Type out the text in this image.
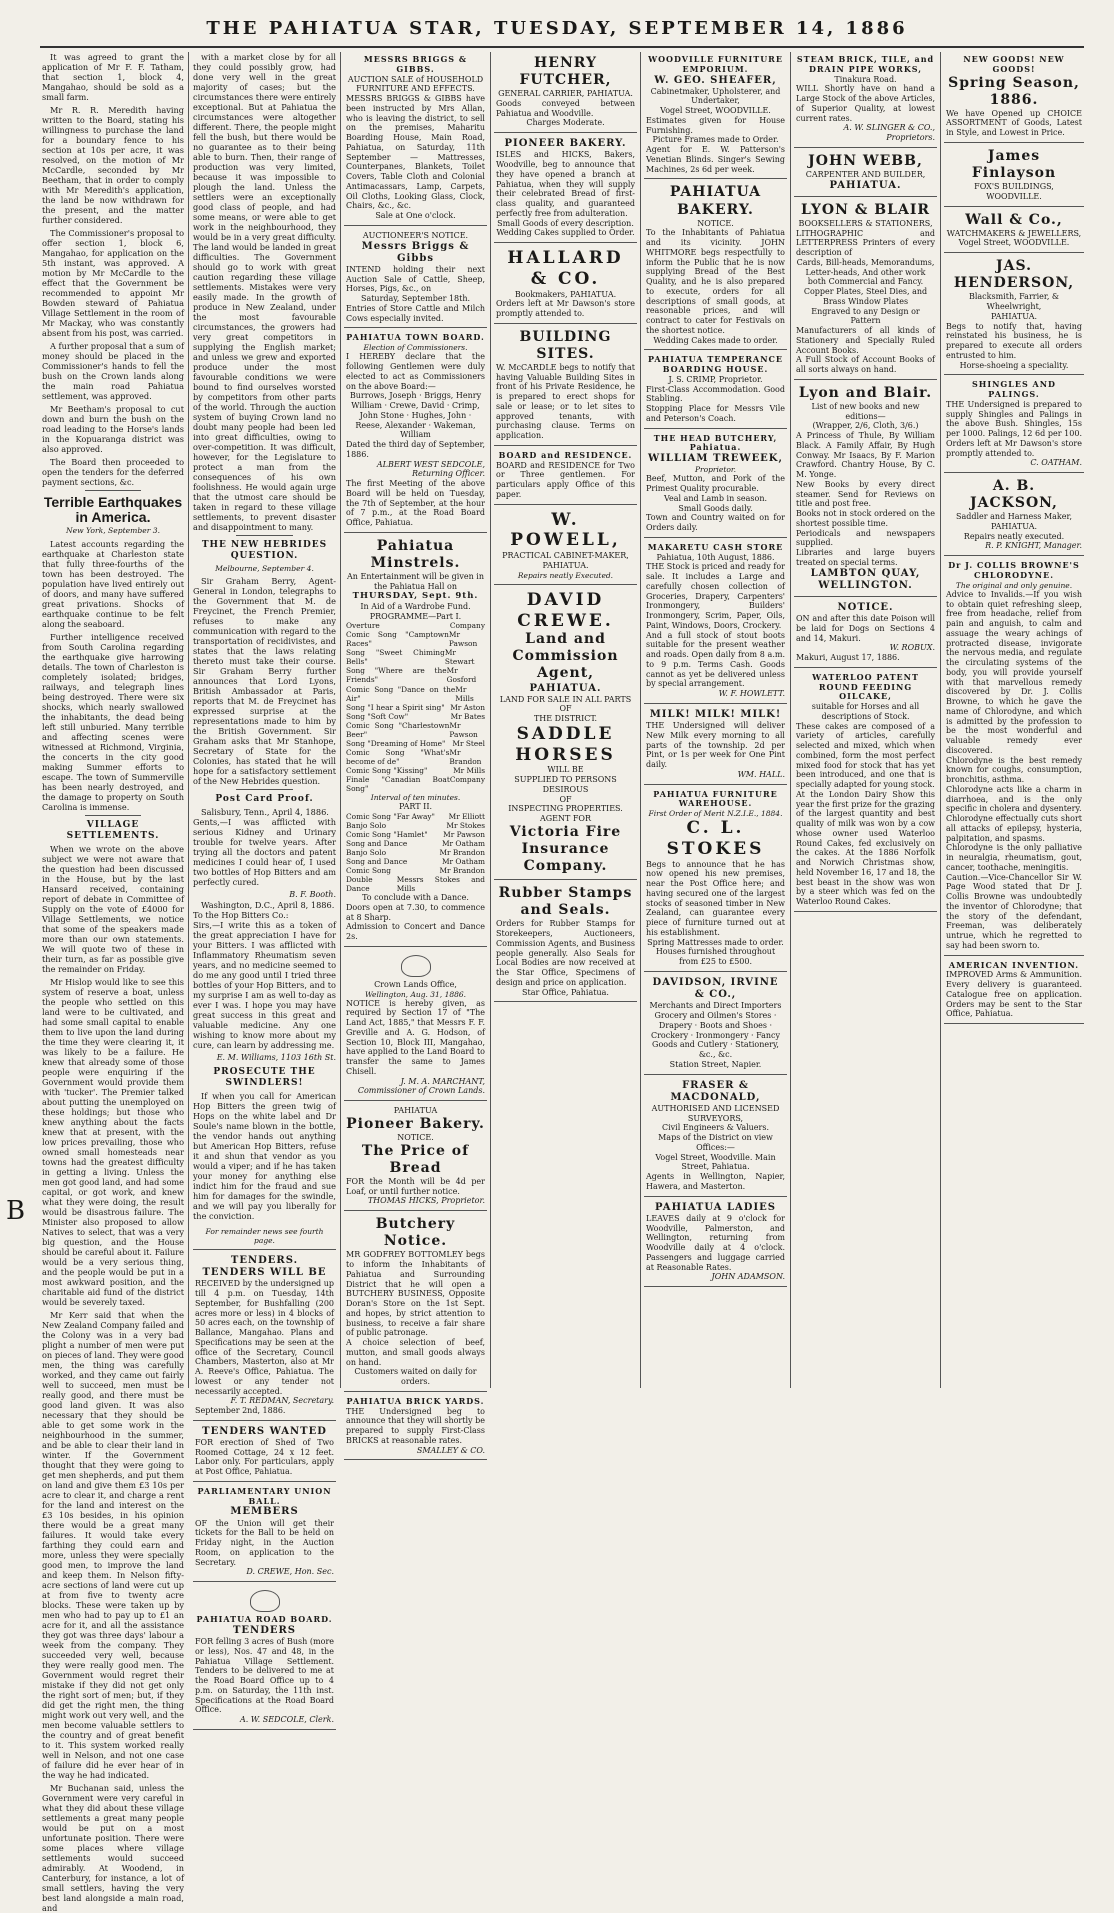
THE PAHIATUA STAR, TUESDAY, SEPTEMBER 14, 1886
B

It was agreed to grant the application of Mr F. F. Tatham, that section 1, block 4, Mangahao, should be sold as a small farm.

Mr R. R. Meredith having written to the Board, stating his willingness to purchase the land for a boundary fence to his section at 10s per acre, it was resolved, on the motion of Mr McCardle, seconded by Mr Beetham, that in order to comply with Mr Meredith's application, the land be now withdrawn for the present, and the matter further considered.

The Commissioner's proposal to offer section 1, block 6, Mangahao, for application on the 5th instant, was approved. A motion by Mr McCardle to the effect that the Government be recommended to appoint Mr Bowden steward of Pahiatua Village Settlement in the room of Mr Mackay, who was constantly absent from his post, was carried.

A further proposal that a sum of money should be placed in the Commissioner's hands to fell the bush on the Crown lands along the main road Pahiatua settlement, was approved.

Mr Beetham's proposal to cut down and burn the bush on the road leading to the Horse's lands in the Kopuaranga district was also approved.

The Board then proceeded to open the tenders for the deferred payment sections, &c.

Terrible Earthquakes in America.

New York, September 3.

Latest accounts regarding the earthquake at Charleston state that fully three-fourths of the town has been destroyed. The population have lived entirely out of doors, and many have suffered great privations. Shocks of earthquake continue to be felt along the seaboard.

Further intelligence received from South Carolina regarding the earthquake give harrowing details. The town of Charleston is completely isolated; bridges, railways, and telegraph lines being destroyed. There were six shocks, which nearly swallowed the inhabitants, the dead being left still unburied. Many terrible and affecting scenes were witnessed at Richmond, Virginia, the concerts in the city good making Summer efforts to escape. The town of Summerville has been nearly destroyed, and the damage to property on South Carolina is immense.

VILLAGE SETTLEMENTS.

When we wrote on the above subject we were not aware that the question had been discussed in the House, but by the last Hansard received, containing report of debate in Committee of Supply on the vote of £4000 for Village Settlements, we notice that some of the speakers made more than our own statements. We will quote two of these in their turn, as far as possible give the remainder on Friday.

Mr Hislop would like to see this system of reserve a boat, unless the people who settled on this land were to be cultivated, and had some small capital to enable them to live upon the land during the time they were clearing it, it was likely to be a failure. He knew that already some of those people were enquiring if the Government would provide them with 'tucker'. The Premier talked about putting the unemployed on these holdings; but those who knew anything about the facts knew that at present, with the low prices prevailing, those who owned small homesteads near towns had the greatest difficulty in getting a living. Unless the men got good land, and had some capital, or got work, and knew what they were doing, the result would be disastrous failure. The Minister also proposed to allow Natives to select, that was a very big question, and the House should be careful about it. Failure would be a very serious thing, and the people would be put in a most awkward position, and the charitable aid fund of the district would be severely taxed.

Mr Kerr said that when the New Zealand Company failed and the Colony was in a very bad plight a number of men were put on pieces of land. They were good men, the thing was carefully worked, and they came out fairly well to succeed, men must be really good, and there must be good land given. It was also necessary that they should be able to get some work in the neighbourhood in the summer, and be able to clear their land in winter. If the Government thought that they were going to get men shepherds, and put them on land and give them £3 10s per acre to clear it, and charge a rent for the land and interest on the £3 10s besides, in his opinion there would be a great many failures. It would take every farthing they could earn and more, unless they were specially good men, to improve the land and keep them. In Nelson fifty-acre sections of land were cut up at from five to twenty acre blocks. These were taken up by men who had to pay up to £1 an acre for it, and all the assistance they got was three days' labour a week from the company. They succeeded very well, because they were really good men. The Government would regret their mistake if they did not get only the right sort of men; but, if they did get the right men, the thing might work out very well, and the men become valuable settlers to the country and of great benefit to it. This system worked really well in Nelson, and not one case of failure did he ever hear of in the way he had indicated.

Mr Buchanan said, unless the Government were very careful in what they did about these village settlements a great many people would be put on a most unfortunate position. There were some places where village settlements would succeed admirably. At Woodend, in Canterbury, for instance, a lot of small settlers, having the very best land alongside a main road, and

with a market close by for all they could possibly grow, had done very well in the great majority of cases; but the circumstances there were entirely exceptional. But at Pahiatua the circumstances were altogether different. There, the people might fell the bush, but there would be no guarantee as to their being able to burn. Then, their range of production was very limited, because it was impossible to plough the land. Unless the settlers were an exceptionally good class of people, and had some means, or were able to get work in the neighbourhood, they would be in a very great difficulty. The land would be landed in great difficulties. The Government should go to work with great caution regarding these village settlements. Mistakes were very easily made. In the growth of produce in New Zealand, under the most favourable circumstances, the growers had very great competitors in supplying the English market; and unless we grew and exported produce under the most favourable conditions we were bound to find ourselves worsted by competitors from other parts of the world. Through the auction system of buying Crown land no doubt many people had been led into great difficulties, owing to over-competition. It was difficult, however, for the Legislature to protect a man from the consequences of his own foolishness. He would again urge that the utmost care should be taken in regard to these village settlements, to prevent disaster and disappointment to many.

THE NEW HEBRIDES QUESTION.

Melbourne, September 4.

Sir Graham Berry, Agent-General in London, telegraphs to the Government that M. de Freycinet, the French Premier, refuses to make any communication with regard to the transportation of recidivistes, and states that the laws relating thereto must take their course. Sir Graham Berry further announces that Lord Lyons, British Ambassador at Paris, reports that M. de Freycinet has expressed surprise at the representations made to him by the British Government. Sir Graham asks that Mr Stanhope, Secretary of State for the Colonies, has stated that he will hope for a satisfactory settlement of the New Hebrides question.

Post Card Proof.

Salisbury, Tenn., April 4, 1886.
Gents,—I was afflicted with serious Kidney and Urinary trouble for twelve years. After trying all the doctors and patent medicines I could hear of, I used two bottles of Hop Bitters and am perfectly cured.

B. F. Booth.

Washington, D.C., April 8, 1886.
To the Hop Bitters Co.:
Sirs,—I write this as a token of the great appreciation I have for your Bitters. I was afflicted with Inflammatory Rheumatism seven years, and no medicine seemed to do me any good until I tried three bottles of your Hop Bitters, and to my surprise I am as well to-day as ever I was. I hope you may have great success in this great and valuable medicine. Any one wishing to know more about my cure, can learn by addressing me.

E. M. Williams, 1103 16th St.
PROSECUTE THE SWINDLERS!

If when you call for American Hop Bitters the green twig of Hops on the white label and Dr Soule's name blown in the bottle, the vendor hands out anything but American Hop Bitters, refuse it and shun that vendor as you would a viper; and if he has taken your money for anything else indict him for the fraud and sue him for damages for the swindle, and we will pay you liberally for the conviction.

For remainder news see fourth page.
TENDERS.
TENDERS WILL BE
RECEIVED by the undersigned up till 4 p.m. on Tuesday, 14th September, for Bushfalling (200 acres more or less) in 4 blocks of 50 acres each, on the township of Ballance, Mangahao. Plans and Specifications may be seen at the office of the Secretary, Council Chambers, Masterton, also at Mr A. Reeve's Office, Pahiatua. The lowest or any tender not necessarily accepted.
F. T. REDMAN, Secretary.
September 2nd, 1886.
TENDERS WANTED
FOR erection of Shed of Two Roomed Cottage, 24 x 12 feet. Labor only. For particulars, apply at Post Office, Pahiatua.
PARLIAMENTARY UNION BALL.
MEMBERS
OF the Union will get their tickets for the Ball to be held on Friday night, in the Auction Room, on application to the Secretary.
D. CREWE, Hon. Sec.
PAHIATUA ROAD BOARD.
TENDERS
FOR felling 3 acres of Bush (more or less), Nos. 47 and 48, in the Pahiatua Village Settlement. Tenders to be delivered to me at the Road Board Office up to 4 p.m. on Saturday, the 11th inst. Specifications at the Road Board Office.
A. W. SEDCOLE, Clerk.
MESSRS BRIGGS & GIBBS.
AUCTION SALE of HOUSEHOLD FURNITURE AND EFFECTS.
MESSRS BRIGGS & GIBBS have been instructed by Mrs Allan, who is leaving the district, to sell on the premises, Maharitu Boarding House, Main Road, Pahiatua, on Saturday, 11th September — Mattresses, Counterpanes, Blankets, Toilet Covers, Table Cloth and Colonial Antimacassars, Lamp, Carpets, Oil Cloths, Looking Glass, Clock, Chairs, &c., &c.
Sale at One o'clock.
AUCTIONEER'S NOTICE.
Messrs Briggs & Gibbs
INTEND holding their next Auction Sale of Cattle, Sheep, Horses, Pigs, &c., on
Saturday, September 18th.
Entries of Store Cattle and Milch Cows especially invited.
PAHIATUA TOWN BOARD.
Election of Commissioners.
I HEREBY declare that the following Gentlemen were duly elected to act as Commissioners on the above Board:—
Burrows, Joseph · Briggs, Henry William · Crewe, David · Crimp, John Stone · Hughes, John · Reese, Alexander · Wakeman, William
Dated the third day of September, 1886.
ALBERT WEST SEDCOLE, Returning Officer.
The first Meeting of the above Board will be held on Tuesday, the 7th of September, at the hour of 7 p.m., at the Road Board Office, Pahiatua.
Pahiatua Minstrels.
An Entertainment will be given in the Pahiatua Hall on
THURSDAY, Sept. 9th.
In Aid of a Wardrobe Fund.
PROGRAMME—Part I.
Overture	Company
Comic Song "Camptown Races"
Mr Pawson
Song "Sweet Chiming Bells"
Mr Stewart
Song "Where are the Friends"
Mr Gosford
Comic Song "Dance on the Air"
Mr Mills
Song "I hear a Spirit sing" Mr Aston
Song "Soft Cow"	Mr Bates
Comic Song "Charlestown Beer"
Mr Pawson
Song "Dreaming of Home" Mr Steel
Comic Song "What's become of de"
Mr Brandon
Comic Song "Kissing"	Mr Mills
Finale "Canadian Boat Song"
Company
Interval of ten minutes.
PART II.
Comic Song "Far Away" Mr Elliott
Banjo Solo	Mr Stokes
Comic Song "Hamlet" Mr Pawson
Song and Dance	Mr Oatham
Banjo Solo	Mr Brandon
Song and Dance	Mr Oatham
Comic Song	Mr Brandon
Double Dance
Messrs Stokes and Mills
To conclude with a Dance.
Doors open at 7.30, to commence at 8 Sharp.
Admission to Concert and Dance 2s.
Crown Lands Office,
Wellington, Aug. 31, 1886.
NOTICE is hereby given, as required by Section 17 of "The Land Act, 1885," that Messrs F. F. Greville and A. G. Hodson, of Section 10, Block III, Mangahao, have applied to the Land Board to transfer the same to James Chisell.
J. M. A. MARCHANT, Commissioner of Crown Lands.
PAHIATUA
Pioneer Bakery.
NOTICE.
The Price of Bread
FOR the Month will be 4d per Loaf, or until further notice.
THOMAS HICKS, Proprietor.
Butchery Notice.
MR GODFREY BOTTOMLEY begs to inform the Inhabitants of Pahiatua and Surrounding District that he will open a BUTCHERY BUSINESS, Opposite Doran's Store on the 1st Sept. and hopes, by strict attention to business, to receive a fair share of public patronage.
A choice selection of beef, mutton, and small goods always on hand.
Customers waited on daily for orders.
PAHIATUA BRICK YARDS.
THE Undersigned beg to announce that they will shortly be prepared to supply First-Class BRICKS at reasonable rates.
SMALLEY & CO.
HENRY FUTCHER,
GENERAL CARRIER, PAHIATUA.
Goods conveyed between Pahiatua and Woodville.
Charges Moderate.
PIONEER BAKERY.
ISLES and HICKS, Bakers, Woodville, beg to announce that they have opened a branch at Pahiatua, when they will supply their celebrated Bread of first-class quality, and guaranteed perfectly free from adulteration.
Small Goods of every description.
Wedding Cakes supplied to Order.
HALLARD & CO.
Bookmakers, PAHIATUA.
Orders left at Mr Dawson's store promptly attended to.
BUILDING SITES.
W. McCARDLE begs to notify that having Valuable Building Sites in front of his Private Residence, he is prepared to erect shops for sale or lease; or to let sites to approved tenants, with purchasing clause. Terms on application.
BOARD and RESIDENCE.
BOARD and RESIDENCE for Two or Three gentlemen. For particulars apply Office of this paper.
W. POWELL,
PRACTICAL CABINET-MAKER, PAHIATUA.
Repairs neatly Executed.
DAVID CREWE.
Land and Commission
Agent,
PAHIATUA.
LAND FOR SALE IN ALL PARTS OF
THE DISTRICT.
SADDLE HORSES
WILL BE
SUPPLIED TO PERSONS DESIROUS
OF
INSPECTING PROPERTIES.
AGENT FOR
Victoria Fire Insurance
Company.
Rubber Stamps and Seals.
Orders for Rubber Stamps for Storekeepers, Auctioneers, Commission Agents, and Business people generally. Also Seals for Local Bodies are now received at the Star Office, Specimens of design and price on application.
Star Office, Pahiatua.
WOODVILLE FURNITURE EMPORIUM.
W. GEO. SHEAFER,
Cabinetmaker, Upholsterer, and Undertaker,
Vogel Street, WOODVILLE.
Estimates given for House Furnishing.
Picture Frames made to Order.
Agent for E. W. Patterson's Venetian Blinds. Singer's Sewing Machines, 2s 6d per week.
PAHIATUA BAKERY.
NOTICE.
To the Inhabitants of Pahiatua and its vicinity. JOHN WHITMORE begs respectfully to inform the Public that he is now supplying Bread of the Best Quality, and he is also prepared to execute, orders for all descriptions of small goods, at reasonable prices, and will contract to cater for Festivals on the shortest notice.
Wedding Cakes made to order.
PAHIATUA TEMPERANCE BOARDING HOUSE.
J. S. CRIMP, Proprietor.
First-Class Accommodation. Good Stabling.
Stopping Place for Messrs Vile and Peterson's Coach.
THE HEAD BUTCHERY, Pahiatua.
WILLIAM TREWEEK,
Proprietor.
Beef, Mutton, and Pork of the Primest Quality procurable.
Veal and Lamb in season.
Small Goods daily.
Town and Country waited on for Orders daily.
MAKARETU CASH STORE
Pahiatua, 10th August, 1886.
THE Stock is priced and ready for sale. It includes a Large and carefully chosen collection of Groceries, Drapery, Carpenters' Ironmongery, Builders' Ironmongery, Scrim, Paper, Oils, Paint, Windows, Doors, Crockery.
And a full stock of stout boots suitable for the present weather and roads. Open daily from 8 a.m. to 9 p.m. Terms Cash. Goods cannot as yet be delivered unless by special arrangement.
W. F. HOWLETT.
MILK! MILK! MILK!
THE Undersigned will deliver New Milk every morning to all parts of the township. 2d per Pint, or 1s per week for One Pint daily.
WM. HALL.
PAHIATUA FURNITURE WAREHOUSE.
First Order of Merit N.Z.I.E., 1884.
C. L. STOKES
Begs to announce that he has now opened his new premises, near the Post Office here; and having secured one of the largest stocks of seasoned timber in New Zealand, can guarantee every piece of furniture turned out at his establishment.
Spring Mattresses made to order.
Houses furnished throughout from £25 to £500.
DAVIDSON, IRVINE & CO.,
Merchants and Direct Importers
Grocery and Oilmen's Stores · Drapery · Boots and Shoes · Crockery · Ironmongery · Fancy Goods and Cutlery · Stationery, &c., &c.
Station Street, Napier.
FRASER & MACDONALD,
AUTHORISED AND LICENSED SURVEYORS,
Civil Engineers & Valuers.
Maps of the District on view
Offices:—
Vogel Street, Woodville. Main Street, Pahiatua.
Agents in Wellington, Napier, Hawera, and Masterton.
PAHIATUA LADIES
LEAVES daily at 9 o'clock for Woodville, Palmerston, and Wellington, returning from Woodville daily at 4 o'clock. Passengers and luggage carried at Reasonable Rates.
JOHN ADAMSON.
STEAM BRICK, TILE, and DRAIN PIPE WORKS,
Tinakura Road.
WILL Shortly have on hand a Large Stock of the above Articles, of Superior Quality, at lowest current rates.
A. W. SLINGER & CO., Proprietors.
JOHN WEBB,
CARPENTER AND BUILDER,
PAHIATUA.
LYON & BLAIR
BOOKSELLERS & STATIONERS,
LITHOGRAPHIC and LETTERPRESS Printers of every description of
Cards, Bill-heads, Memorandums, Letter-heads, And other work both Commercial and Fancy.
Copper Plates, Steel Dies, and Brass Window Plates
Engraved to any Design or Pattern
Manufacturers of all kinds of Stationery and Specially Ruled Account Books.
A Full Stock of Account Books of all sorts always on hand.
Lyon and Blair.
List of new books and new editions—
(Wrapper, 2/6, Cloth, 3/6.)
A Princess of Thule, By William Black. A Family Affair, By Hugh Conway. Mr Isaacs, By F. Marion Crawford. Chantry House, By C. M. Yonge.
New Books by every direct steamer. Send for Reviews on title and post free.
Books not in stock ordered on the shortest possible time.
Periodicals and newspapers supplied.
Libraries and large buyers treated on special terms.
LAMBTON QUAY, WELLINGTON.
NOTICE.
ON and after this date Poison will be laid for Dogs on Sections 4 and 14, Makuri.
W. ROBUX.
Makuri, August 17, 1886.
WATERLOO PATENT ROUND FEEDING OILCAKE,
suitable for Horses and all descriptions of Stock.
These cakes are composed of a variety of articles, carefully selected and mixed, which when combined, form the most perfect mixed food for stock that has yet been introduced, and one that is specially adapted for young stock.
At the London Dairy Show this year the first prize for the grazing of the largest quantity and best quality of milk was won by a cow whose owner used Waterloo Round Cakes, fed exclusively on the cakes. At the 1886 Norfolk and Norwich Christmas show, held November 16, 17 and 18, the best beast in the show was won by a steer which was fed on the Waterloo Round Cakes.
NEW GOODS! NEW GOODS!
Spring Season, 1886.
We have Opened up CHOICE ASSORTMENT of Goods, Latest in Style, and Lowest in Price.
James Finlayson
FOX'S BUILDINGS, WOODVILLE.
Wall & Co.,
WATCHMAKERS & JEWELLERS,
Vogel Street, WOODVILLE.
JAS. HENDERSON,
Blacksmith, Farrier, & Wheelwright,
PAHIATUA.
Begs to notify that, having reinstated his business, he is prepared to execute all orders entrusted to him.
Horse-shoeing a speciality.
SHINGLES AND PALINGS.
THE Undersigned is prepared to supply Shingles and Palings in the above Bush. Shingles, 15s per 1000. Palings, 12 6d per 100. Orders left at Mr Dawson's store promptly attended to.
C. OATHAM.
A. B. JACKSON,
Saddler and Harness Maker,
PAHIATUA.
Repairs neatly executed.
R. P. KNIGHT, Manager.
Dr J. COLLIS BROWNE'S CHLORODYNE.
The original and only genuine.
Advice to Invalids.—If you wish to obtain quiet refreshing sleep, free from headache, relief from pain and anguish, to calm and assuage the weary achings of protracted disease, invigorate the nervous media, and regulate the circulating systems of the body, you will provide yourself with that marvellous remedy discovered by Dr. J. Collis Browne, to which he gave the name of Chlorodyne, and which is admitted by the profession to be the most wonderful and valuable remedy ever discovered.
Chlorodyne is the best remedy known for coughs, consumption, bronchitis, asthma.
Chlorodyne acts like a charm in diarrhoea, and is the only specific in cholera and dysentery.
Chlorodyne effectually cuts short all attacks of epilepsy, hysteria, palpitation, and spasms.
Chlorodyne is the only palliative in neuralgia, rheumatism, gout, cancer, toothache, meningitis.
Caution.—Vice-Chancellor Sir W. Page Wood stated that Dr J. Collis Browne was undoubtedly the inventor of Chlorodyne; that the story of the defendant, Freeman, was deliberately untrue, which he regretted to say had been sworn to.
AMERICAN INVENTION.
IMPROVED Arms & Ammunition. Every delivery is guaranteed. Catalogue free on application. Orders may be sent to the Star Office, Pahiatua.
